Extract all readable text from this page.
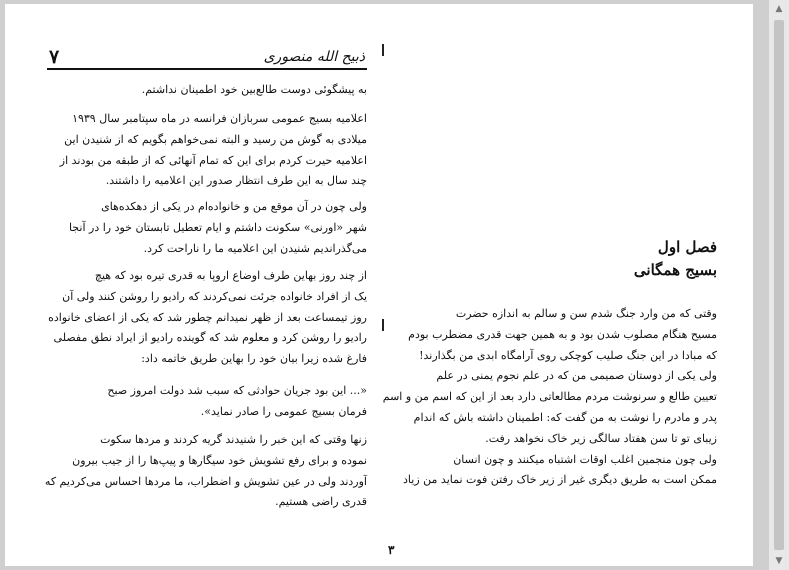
۷	ذبیح الله منصوری
به پیشگوئی دوست طالع‌بین خود اطمینان نداشتم.
اعلامیه بسیج عمومی سربازان فرانسه در ماه سپتامبر سال ۱۹۳۹
میلادی به گوش من رسید و البته نمی‌خواهم بگویم که از شنیدن این
اعلامیه حیرت کردم برای این که تمام آنهائی که از طبقه من بودند از
چند سال به این طرف انتظار صدور این اعلامیه را داشتند.
ولی چون در آن موقع من و خانواده‌ام در یکی از دهکده‌های
شهر «اورنی» سکونت داشتم و ایام تعطیل تابستان خود را در آنجا
می‌گذراندیم شنیدن این اعلامیه ما را ناراحت کرد.
از چند روز بهاین طرف اوضاع اروپا به قدری تیره بود که هیچ
یک از افراد خانواده جرئت نمی‌کردند که رادیو را روشن کنند ولی آن
روز تیمساعت بعد از ظهر نمیدانم چطور شد که یکی از اعضای خانواده
رادیو را روشن کرد و معلوم شد که گوینده رادیو از ایراد نطق مفصلی
فارغ شده زیرا بیان خود را بهاین طریق خاتمه داد:
«... این بود جریان حوادثی که سبب شد دولت امروز صبح
فرمان بسیج عمومی را صادر نماید».
زنها وقتی که این خبر را شنیدند گریه کردند و مردها سکوت
نموده و برای رفع تشویش خود سیگارها و پیپ‌ها را از جیب بیرون
آوردند ولی در عین تشویش و اضطراب، ما مردها احساس می‌کردیم که
قدری راضی هستیم.
فصل اول
بسیج همگانی
وقتی که من وارد جنگ شدم سن و سالم به اندازه حضرت
مسیح هنگام مصلوب شدن بود و به همین جهت قدری مضطرب بودم
که مبادا در این جنگ صلیب کوچکی روی آرامگاه ابدی من بگذارند!
ولی یکی از دوستان صمیمی من که در علم نجوم یمنی در علم
تعیین طالع و سرنوشت مردم مطالعاتی دارد بعد از این که اسم من و اسم
پدر و مادرم را نوشت به من گفت که: اطمینان داشته باش که اندام
زیبای تو تا سن هفتاد سالگی زیر خاک نخواهد رفت.
ولی چون منجمین اغلب اوقات اشتباه میکنند و چون انسان
ممکن است به طریق دیگری غیر از زیر خاک رفتن فوت نماید من زیاد
۳
▲
▼
